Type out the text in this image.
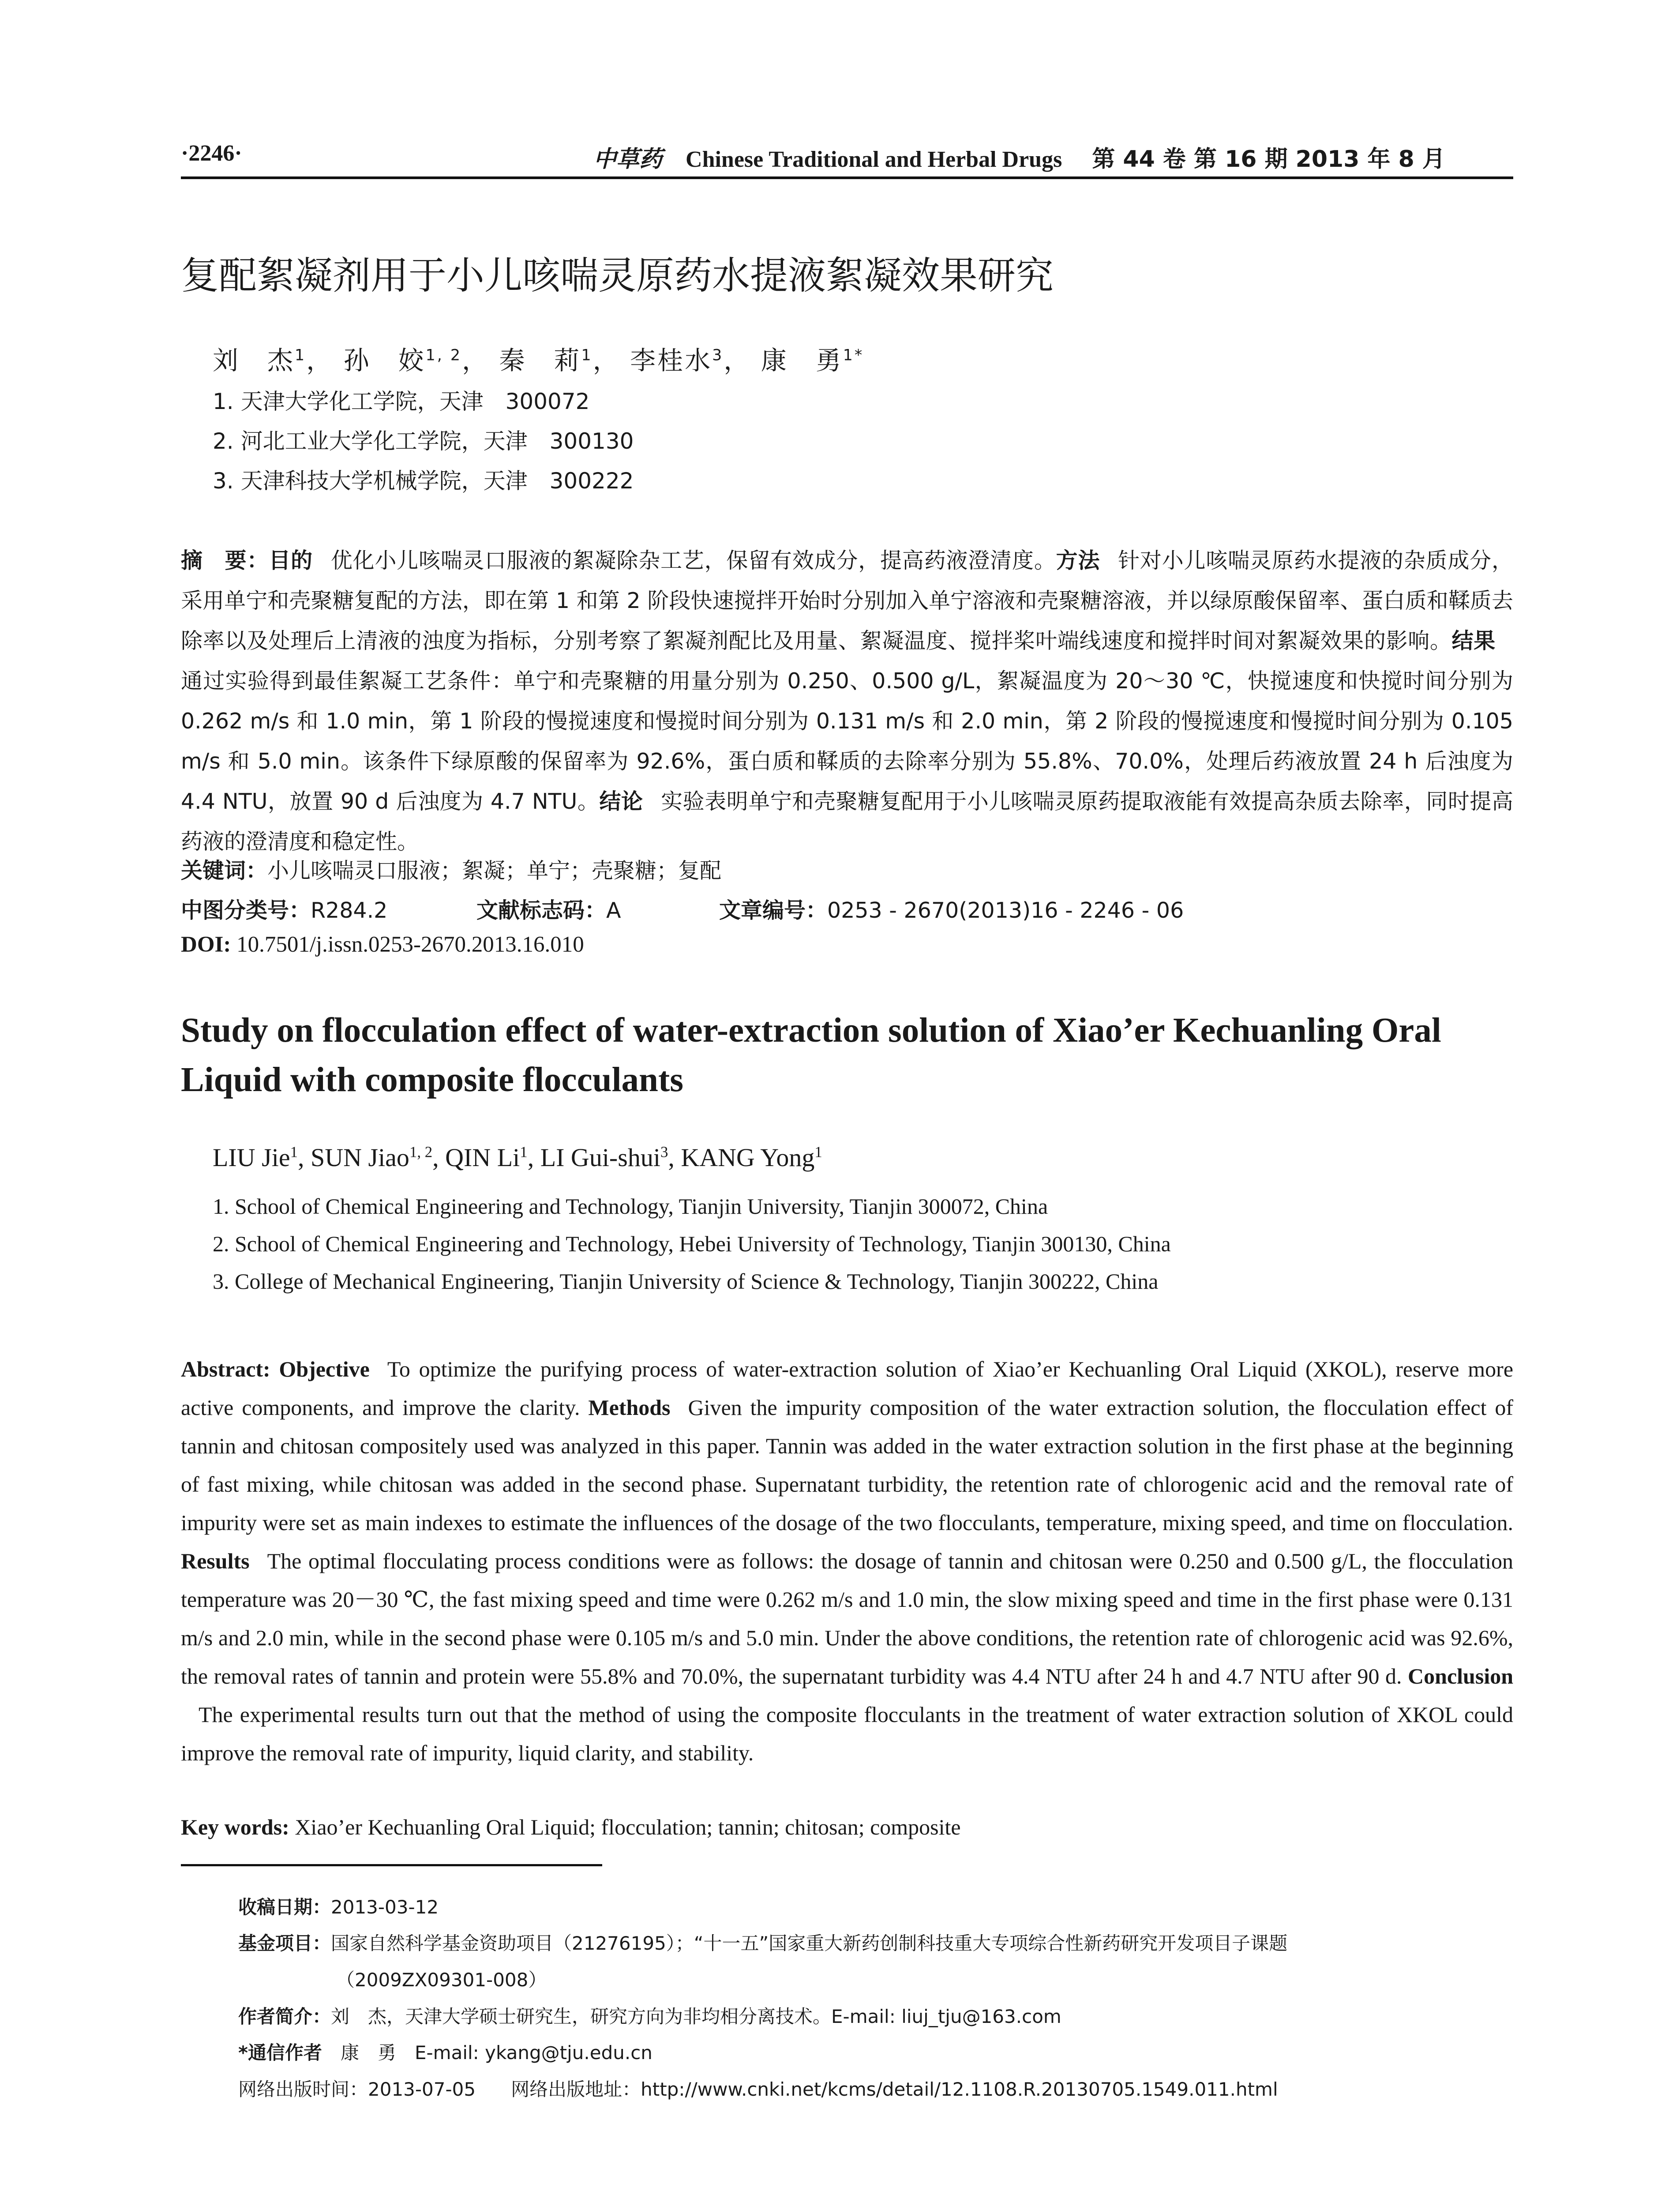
·2246·	中草药 Chinese Traditional and Herbal Drugs 第 44 卷 第 16 期 2013 年 8 月
复配絮凝剂用于小儿咳喘灵原药水提液絮凝效果研究
刘　杰$^1$， 孙　姣$^{1, 2}$， 秦　莉$^1$， 李桂水$^3$， 康　勇$^{1*}$
1. 天津大学化工学院，天津　300072
2. 河北工业大学化工学院，天津　300130
3. 天津科技大学机械学院，天津　300222
摘　要：目的 优化小儿咳喘灵口服液的絮凝除杂工艺，保留有效成分，提高药液澄清度。方法 针对小儿咳喘灵原药水提液的杂质成分，采用单宁和壳聚糖复配的方法，即在第 1 和第 2 阶段快速搅拌开始时分别加入单宁溶液和壳聚糖溶液，并以绿原酸保留率、蛋白质和鞣质去除率以及处理后上清液的浊度为指标，分别考察了絮凝剂配比及用量、絮凝温度、搅拌桨叶端线速度和搅拌时间对絮凝效果的影响。结果通过实验得到最佳絮凝工艺条件：单宁和壳聚糖的用量分别为 0.250、0.500 g/L，絮凝温度为 20～30 ℃，快搅速度和快搅时间分别为 0.262 m/s 和 1.0 min，第 1 阶段的慢搅速度和慢搅时间分别为 0.131 m/s 和 2.0 min，第 2 阶段的慢搅速度和慢搅时间分别为 0.105 m/s 和 5.0 min。该条件下绿原酸的保留率为 92.6%，蛋白质和鞣质的去除率分别为 55.8%、70.0%，处理后药液放置 24 h 后浊度为 4.4 NTU，放置 90 d 后浊度为 4.7 NTU。结论 实验表明单宁和壳聚糖复配用于小儿咳喘灵原药提取液能有效提高杂质去除率，同时提高药液的澄清度和稳定性。
关键词：小儿咳喘灵口服液；絮凝；单宁；壳聚糖；复配
中图分类号：R284.2	文献标志码：A	文章编号：0253 - 2670(2013)16 - 2246 - 06
DOI: 10.7501/j.issn.0253-2670.2013.16.010
Study on flocculation effect of water-extraction solution of Xiao’er Kechuanling Oral Liquid with composite flocculants
LIU Jie$^1$, SUN Jiao$^{1, 2}$, QIN Li$^1$, LI Gui-shui$^3$, KANG Yong$^1$
1. School of Chemical Engineering and Technology, Tianjin University, Tianjin 300072, China
2. School of Chemical Engineering and Technology, Hebei University of Technology, Tianjin 300130, China
3. College of Mechanical Engineering, Tianjin University of Science & Technology, Tianjin 300222, China
Abstract: Objective To optimize the purifying process of water-extraction solution of Xiao’er Kechuanling Oral Liquid (XKOL), reserve more active components, and improve the clarity. Methods Given the impurity composition of the water extraction solution, the flocculation effect of tannin and chitosan compositely used was analyzed in this paper. Tannin was added in the water extraction solution in the first phase at the beginning of fast mixing, while chitosan was added in the second phase. Supernatant turbidity, the retention rate of chlorogenic acid and the removal rate of impurity were set as main indexes to estimate the influences of the dosage of the two flocculants, temperature, mixing speed, and time on flocculation. Results The optimal flocculating process conditions were as follows: the dosage of tannin and chitosan were 0.250 and 0.500 g/L, the flocculation temperature was 20－30 ℃, the fast mixing speed and time were 0.262 m/s and 1.0 min, the slow mixing speed and time in the first phase were 0.131 m/s and 2.0 min, while in the second phase were 0.105 m/s and 5.0 min. Under the above conditions, the retention rate of chlorogenic acid was 92.6%, the removal rates of tannin and protein were 55.8% and 70.0%, the supernatant turbidity was 4.4 NTU after 24 h and 4.7 NTU after 90 d. ConclusionThe experimental results turn out that the method of using the composite flocculants in the treatment of water extraction solution of XKOL could improve the removal rate of impurity, liquid clarity, and stability.
Key words: Xiao’er Kechuanling Oral Liquid; flocculation; tannin; chitosan; composite
收稿日期：2013-03-12
基金项目：国家自然科学基金资助项目（21276195）；“十一五”国家重大新药创制科技重大专项综合性新药研究开发项目子课题
（2009ZX09301-008）
作者简介：刘　杰，天津大学硕士研究生，研究方向为非均相分离技术。E-mail: liuj_tju@163.com
*通信作者　 康　勇　E-mail: ykang@tju.edu.cn
网络出版时间：2013-07-05 网络出版地址：http://www.cnki.net/kcms/detail/12.1108.R.20130705.1549.011.html
